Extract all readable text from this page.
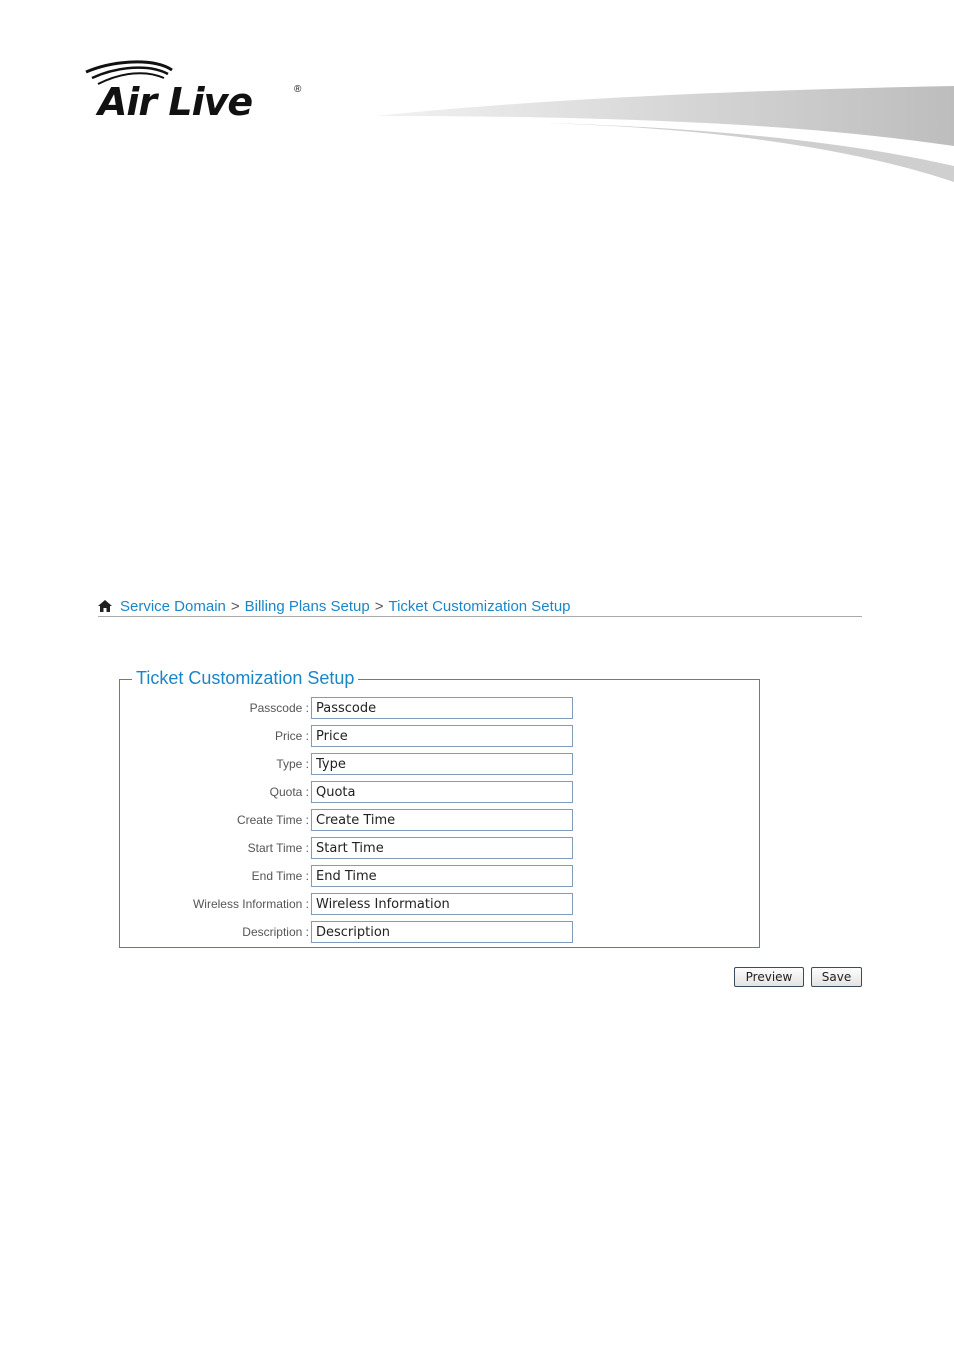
Air Live	®
Service Domain > Billing Plans Setup > Ticket Customization Setup
Ticket Customization Setup
Passcode :
Passcode
Price :
Price
Type :
Type
Quota :
Quota
Create Time :
Create Time
Start Time :
Start Time
End Time :
End Time
Wireless Information :
Wireless Information
Description :
Description
Preview	Save
